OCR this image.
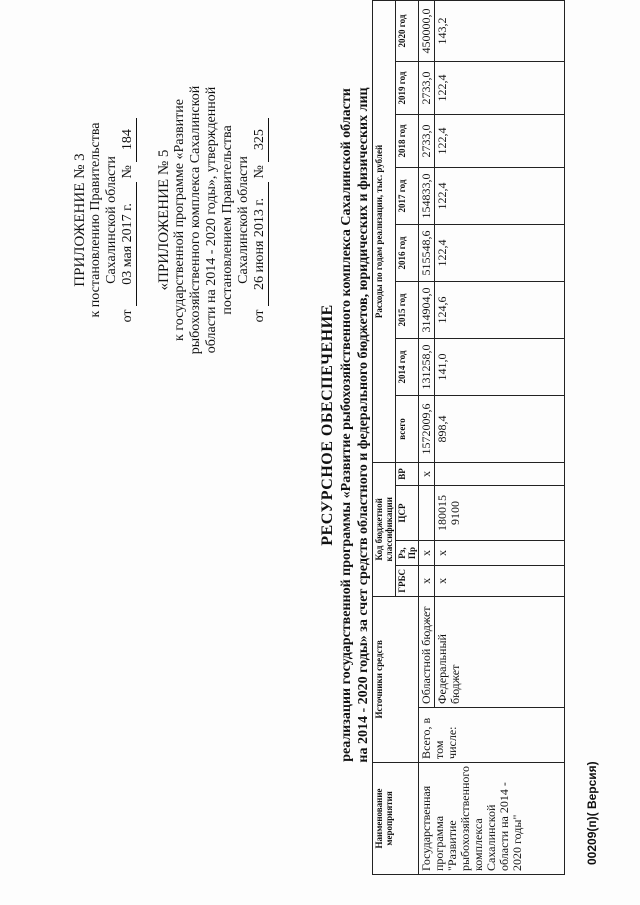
ПРИЛОЖЕНИЕ № 3 к постановлению Правительства Сахалинской области
от 03 мая 2017 г. № 184
«ПРИЛОЖЕНИЕ № 5 к государственной программе «Развитие рыбохозяйственного комплекса Сахалинской области на 2014 - 2020 годы», утвержденной постановлением Правительства Сахалинской области
от 26 июня 2013 г. № 325
РЕСУРСНОЕ ОБЕСПЕЧЕНИЕ реализации государственной программы «Развитие рыбохозяйственного комплекса Сахалинской области на 2014 - 2020 годы» за счет средств областного и федерального бюджетов, юридических и физических лиц
Наименование мероприятия	Источники средств		Код бюджетной классификации				Расходы по годам реализации, тыс. рублей							
			ГРБС	Рз, Пр	ЦСР	ВР	всего	2014 год	2015 год	2016 год	2017 год	2018 год	2019 год	2020 год
Государственная программа "Развитие рыбохозяйственного комплекса Сахалинской области на 2014 - 2020 годы"	Всего, в том числе:	Областной бюджет	х	х		х	1572009,6	131258,0	314904,0	515548,6	154833,0	2733,0	2733,0	450000,0
		Федеральный бюджет	х	х	180015 9100		898,4	141,0	124,6	122,4	122,4	122,4	122,4	143,2
00209(п)( Версия)
